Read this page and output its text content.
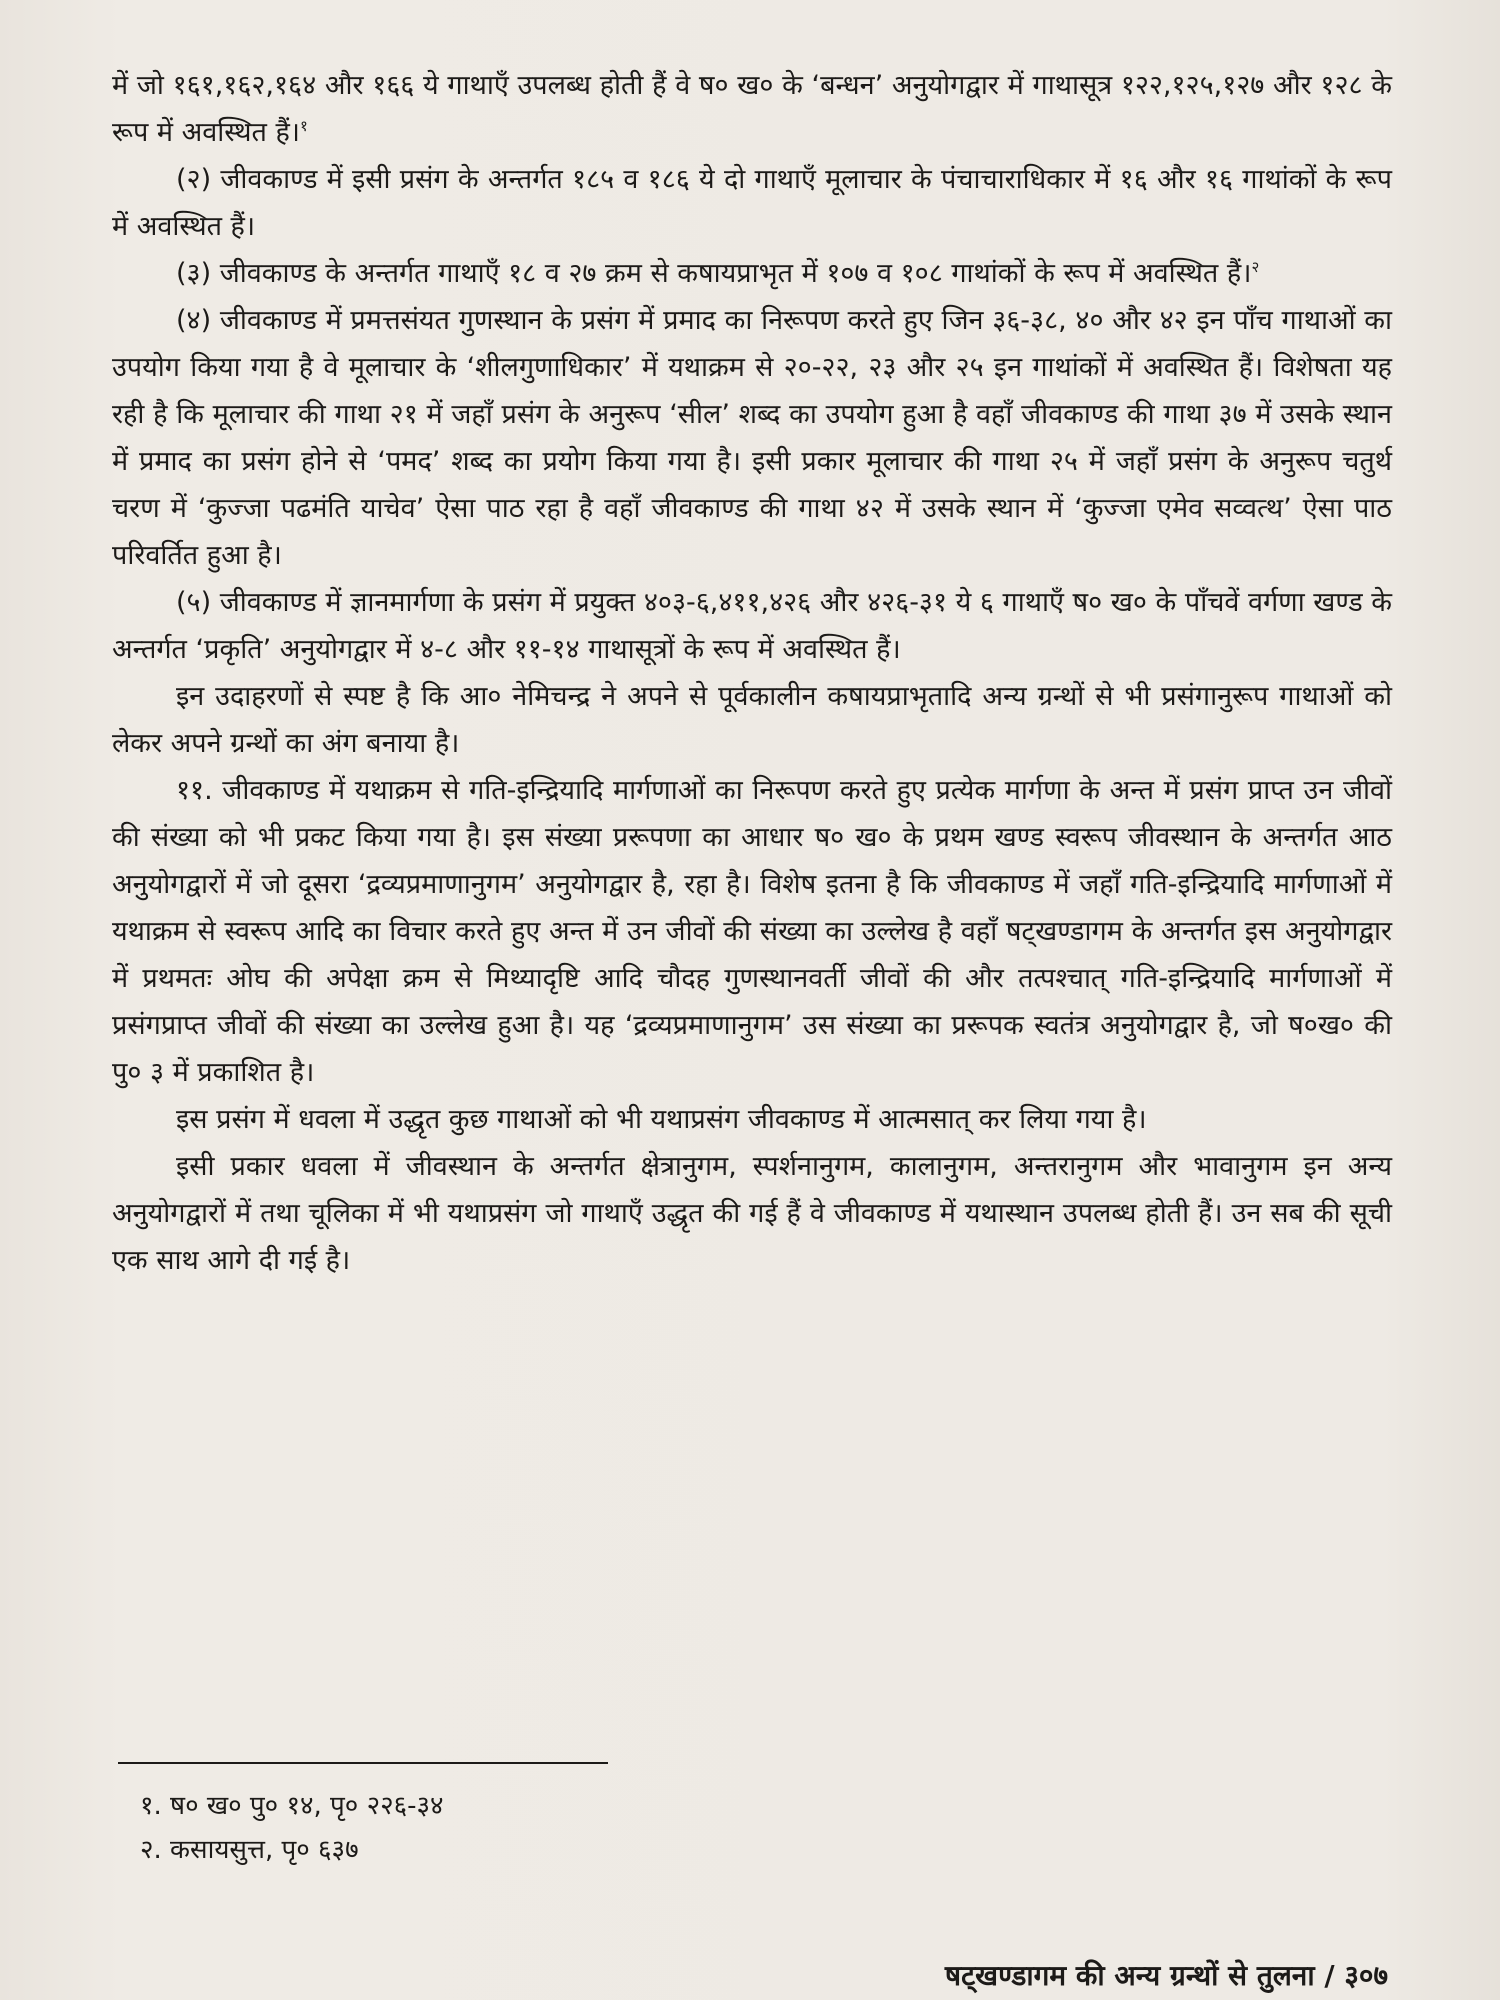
में जो १६१,१६२,१६४ और १६६ ये गाथाएँ उपलब्ध होती हैं वे ष० ख० के ‘बन्धन’ अनुयोगद्वार में गाथासूत्र १२२,१२५,१२७ और १२८ के रूप में अवस्थित हैं।$^१$

(२) जीवकाण्ड में इसी प्रसंग के अन्तर्गत १८५ व १८६ ये दो गाथाएँ मूलाचार के पंचाचाराधिकार में १६ और १६ गाथांकों के रूप में अवस्थित हैं।

(३) जीवकाण्ड के अन्तर्गत गाथाएँ १८ व २७ क्रम से कषायप्राभृत में १०७ व १०८ गाथांकों के रूप में अवस्थित हैं।$^२$

(४) जीवकाण्ड में प्रमत्तसंयत गुणस्थान के प्रसंग में प्रमाद का निरूपण करते हुए जिन ३६-३८, ४० और ४२ इन पाँच गाथाओं का उपयोग किया गया है वे मूलाचार के ‘शीलगुणाधिकार’ में यथाक्रम से २०-२२, २३ और २५ इन गाथांकों में अवस्थित हैं। विशेषता यह रही है कि मूलाचार की गाथा २१ में जहाँ प्रसंग के अनुरूप ‘सील’ शब्द का उपयोग हुआ है वहाँ जीवकाण्ड की गाथा ३७ में उसके स्थान में प्रमाद का प्रसंग होने से ‘पमद’ शब्द का प्रयोग किया गया है। इसी प्रकार मूलाचार की गाथा २५ में जहाँ प्रसंग के अनुरूप चतुर्थ चरण में ‘कुज्जा पढमंति याचेव’ ऐसा पाठ रहा है वहाँ जीवकाण्ड की गाथा ४२ में उसके स्थान में ‘कुज्जा एमेव सव्वत्थ’ ऐसा पाठ परिवर्तित हुआ है।

(५) जीवकाण्ड में ज्ञानमार्गणा के प्रसंग में प्रयुक्त ४०३-६,४११,४२६ और ४२६-३१ ये ६ गाथाएँ ष० ख० के पाँचवें वर्गणा खण्ड के अन्तर्गत ‘प्रकृति’ अनुयोगद्वार में ४-८ और ११-१४ गाथासूत्रों के रूप में अवस्थित हैं।

इन उदाहरणों से स्पष्ट है कि आ० नेमिचन्द्र ने अपने से पूर्वकालीन कषायप्राभृतादि अन्य ग्रन्थों से भी प्रसंगानुरूप गाथाओं को लेकर अपने ग्रन्थों का अंग बनाया है।

११. जीवकाण्ड में यथाक्रम से गति-इन्द्रियादि मार्गणाओं का निरूपण करते हुए प्रत्येक मार्गणा के अन्त में प्रसंग प्राप्त उन जीवों की संख्या को भी प्रकट किया गया है। इस संख्या प्ररूपणा का आधार ष० ख० के प्रथम खण्ड स्वरूप जीवस्थान के अन्तर्गत आठ अनुयोगद्वारों में जो दूसरा ‘द्रव्यप्रमाणानुगम’ अनुयोगद्वार है, रहा है। विशेष इतना है कि जीवकाण्ड में जहाँ गति-इन्द्रियादि मार्गणाओं में यथाक्रम से स्वरूप आदि का विचार करते हुए अन्त में उन जीवों की संख्या का उल्लेख है वहाँ षट्खण्डागम के अन्तर्गत इस अनुयोगद्वार में प्रथमतः ओघ की अपेक्षा क्रम से मिथ्यादृष्टि आदि चौदह गुणस्थानवर्ती जीवों की और तत्पश्चात् गति-इन्द्रियादि मार्गणाओं में प्रसंगप्राप्त जीवों की संख्या का उल्लेख हुआ है। यह ‘द्रव्यप्रमाणानुगम’ उस संख्या का प्ररूपक स्वतंत्र अनुयोगद्वार है, जो ष०ख० की पु० ३ में प्रकाशित है।

इस प्रसंग में धवला में उद्धृत कुछ गाथाओं को भी यथाप्रसंग जीवकाण्ड में आत्मसात् कर लिया गया है।

इसी प्रकार धवला में जीवस्थान के अन्तर्गत क्षेत्रानुगम, स्पर्शनानुगम, कालानुगम, अन्तरानुगम और भावानुगम इन अन्य अनुयोगद्वारों में तथा चूलिका में भी यथाप्रसंग जो गाथाएँ उद्धृत की गई हैं वे जीवकाण्ड में यथास्थान उपलब्ध होती हैं। उन सब की सूची एक साथ आगे दी गई है।

१. ष० ख० पु० १४, पृ० २२६-३४

२. कसायसुत्त, पृ० ६३७

षट्खण्डागम की अन्य ग्रन्थों से तुलना / ३०७
